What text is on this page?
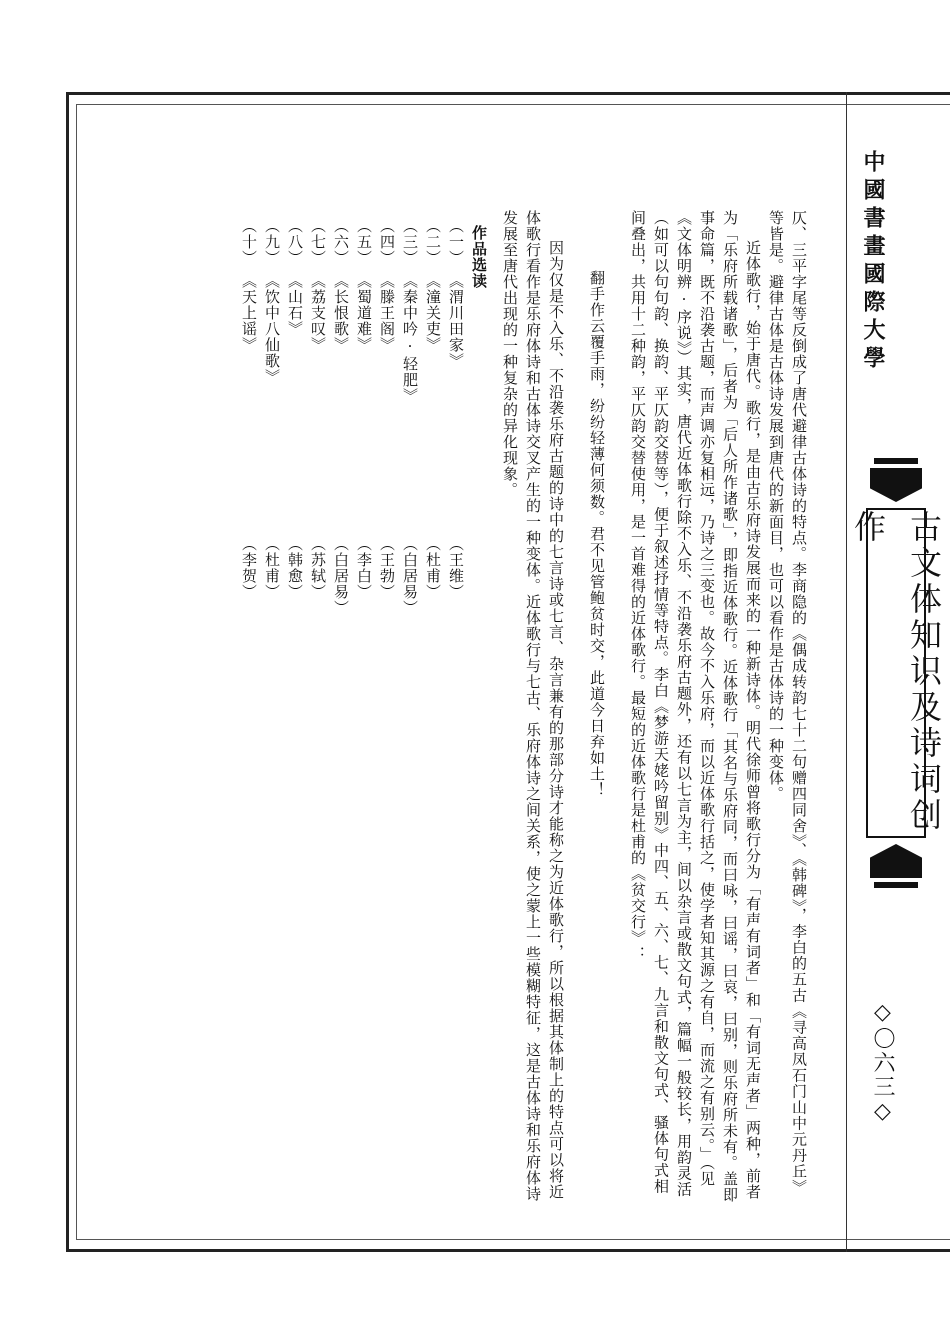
中國書畫國際大學
古文体知识及诗词创作
◇〇六三◇

仄、三平字尾等反倒成了唐代避律古体诗的特点。李商隐的《偶成转韵七十二句赠四同舍》、《韩碑》，李白的五古《寻高凤石门山中元丹丘》等皆是。避律古体是古体诗发展到唐代的新面目，也可以看作是古体诗的一种变体。

近体歌行，始于唐代。歌行，是由古乐府诗发展而来的一种新诗体。明代徐师曾将歌行分为「有声有词者」和「有词无声者」两种，前者为「乐府所载诸歌」，后者为「后人所作诸歌」，即指近体歌行。近体歌行「其名与乐府同，而曰咏，曰谣，曰哀，曰别，则乐府所未有。盖即事命篇，既不沿袭古题，而声调亦复相远，乃诗之三变也。故今不入乐府，而以近体歌行括之，使学者知其源之有自，而流之有别云。」（见《文体明辨·序说》）其实，唐代近体歌行除不入乐、不沿袭乐府古题外，还有以七言为主，间以杂言或散文句式，篇幅一般较长，用韵灵活（如可以句句韵、换韵、平仄韵交替等），便于叙述抒情等特点。李白《梦游天姥吟留别》中四、五、六、七、九言和散文句式、骚体句式相间叠出，共用十二种韵，平仄韵交替使用，是一首难得的近体歌行。最短的近体歌行是杜甫的《贫交行》：

翻手作云覆手雨，纷纷轻薄何须数。君不见管鲍贫时交，此道今日弃如土！

因为仅是不入乐、不沿袭乐府古题的诗中的七言诗或七言、杂言兼有的那部分诗才能称之为近体歌行，所以根据其体制上的特点可以将近体歌行看作是乐府体诗和古体诗交叉产生的一种变体。近体歌行与七古、乐府体诗之间关系，使之蒙上一些模糊特征，这是古体诗和乐府体诗发展至唐代出现的一种复杂的异化现象。

作品选读

（一）《渭川田家》（王维）

（二）《潼关吏》（杜甫）

（三）《秦中吟·轻肥》（白居易）

（四）《滕王阁》（王勃）

（五）《蜀道难》（李白）

（六）《长恨歌》（白居易）

（七）《荔支叹》（苏轼）

（八）《山石》（韩愈）

（九）《饮中八仙歌》（杜甫）

（十）《天上谣》（李贺）
